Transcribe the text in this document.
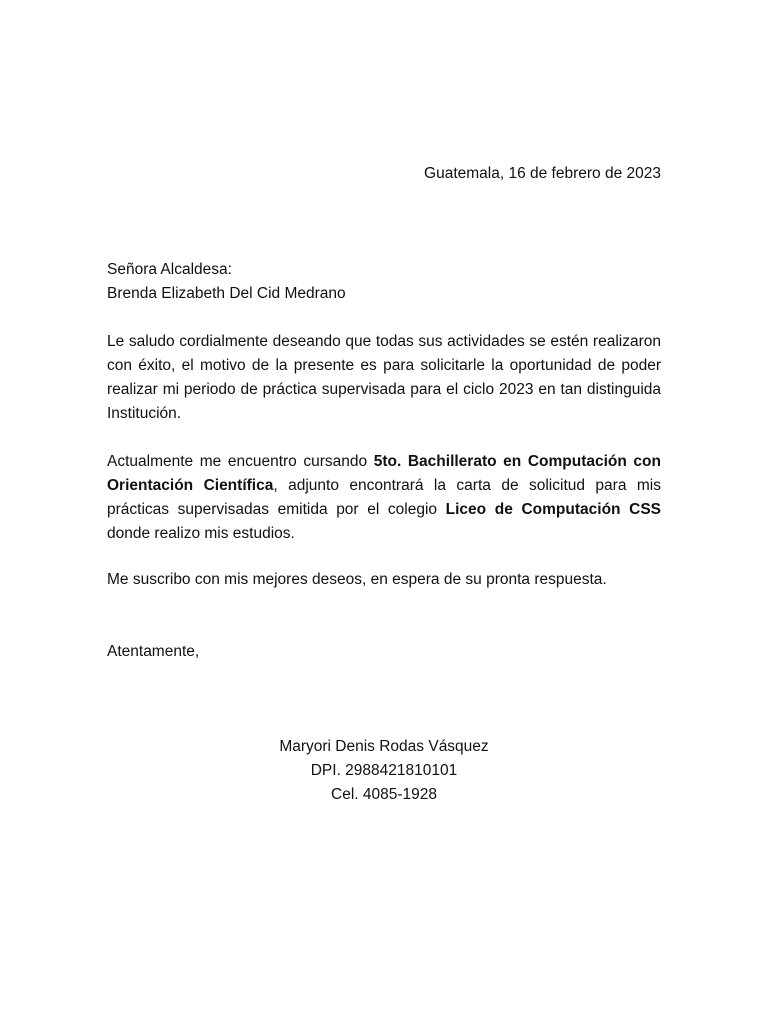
Guatemala, 16 de febrero de 2023
Señora Alcaldesa:
Brenda Elizabeth Del Cid Medrano

Le saludo cordialmente deseando que todas sus actividades se estén realizaron con éxito, el motivo de la presente es para solicitarle la oportunidad de poder realizar mi periodo de práctica supervisada para el ciclo 2023 en tan distinguida Institución.

Actualmente me encuentro cursando 5to. Bachillerato en Computación con Orientación Científica, adjunto encontrará la carta de solicitud para mis prácticas supervisadas emitida por el colegio Liceo de Computación CSS donde realizo mis estudios.

Me suscribo con mis mejores deseos, en espera de su pronta respuesta.

Atentamente,
Maryori Denis Rodas Vásquez
DPI. 2988421810101
Cel. 4085-1928
